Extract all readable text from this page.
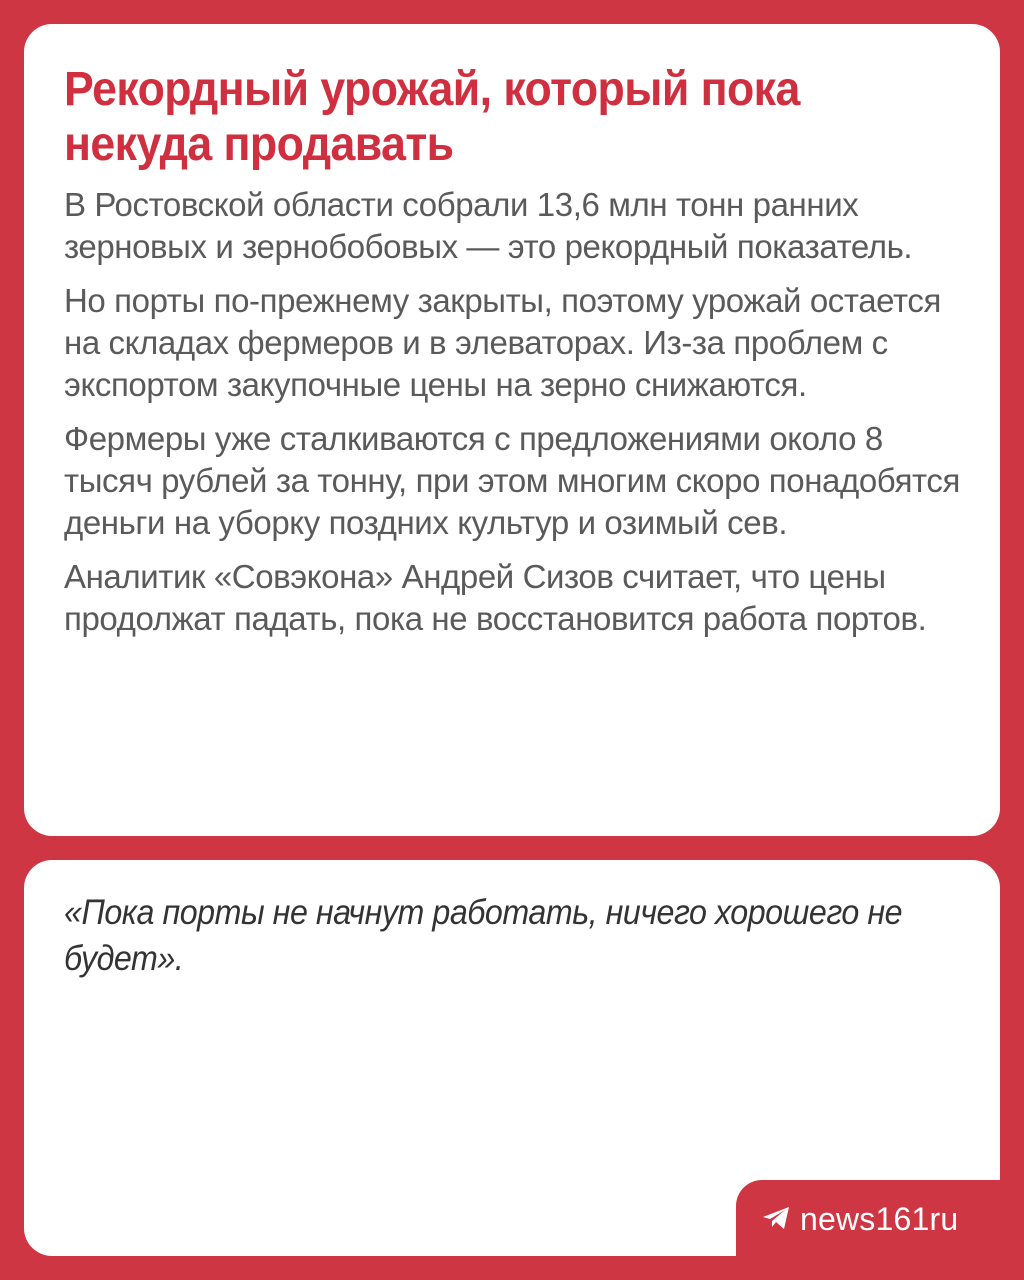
Рекордный урожай, который пока некуда продавать

В Ростовской области собрали 13,6 млн тонн ранних зерновых и зернобобовых — это рекордный показатель.

Но порты по-прежнему закрыты, поэтому урожай остается на складах фермеров и в элеваторах. Из-за проблем с экспортом закупочные цены на зерно снижаются.

Фермеры уже сталкиваются с предложениями около 8 тысяч рублей за тонну, при этом многим скоро понадобятся деньги на уборку поздних культур и озимый сев.

Аналитик «Совэкона» Андрей Сизов считает, что цены продолжат падать, пока не восстановится работа портов.

«Пока порты не начнут работать, ничего хорошего не будет».

news161ru
